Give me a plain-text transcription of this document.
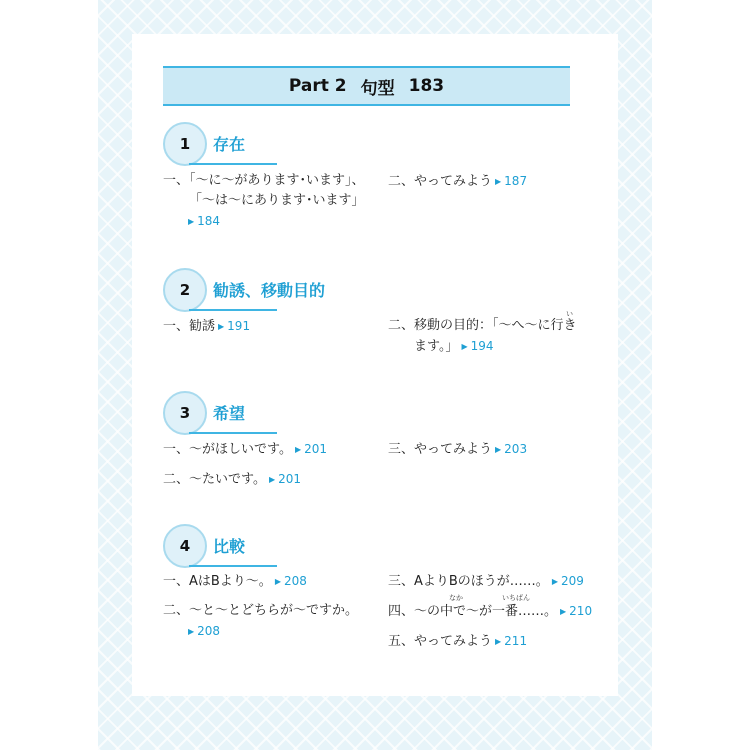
Part 2 句型 183
1	存在
一、「～に～があります･います」、
「～は～にあります･います」
▶ 184
二、やってみよう ▶ 187
2	勧誘、移動目的
一、勧誘 ▶ 191
い
二、移動の目的：「～へ～に行き
ます。」 ▶ 194
3	希望
一、～がほしいです。 ▶ 201	三、やってみよう ▶ 203
二、～たいです。 ▶ 201
4	比較
一、AはBより～。 ▶ 208	三、AよりBのほうが……。 ▶ 209
二、～と～とどちらが～ですか。
▶ 208
なか	いちばん
四、～の中で～が一番……。 ▶ 210
五、やってみよう ▶ 211
